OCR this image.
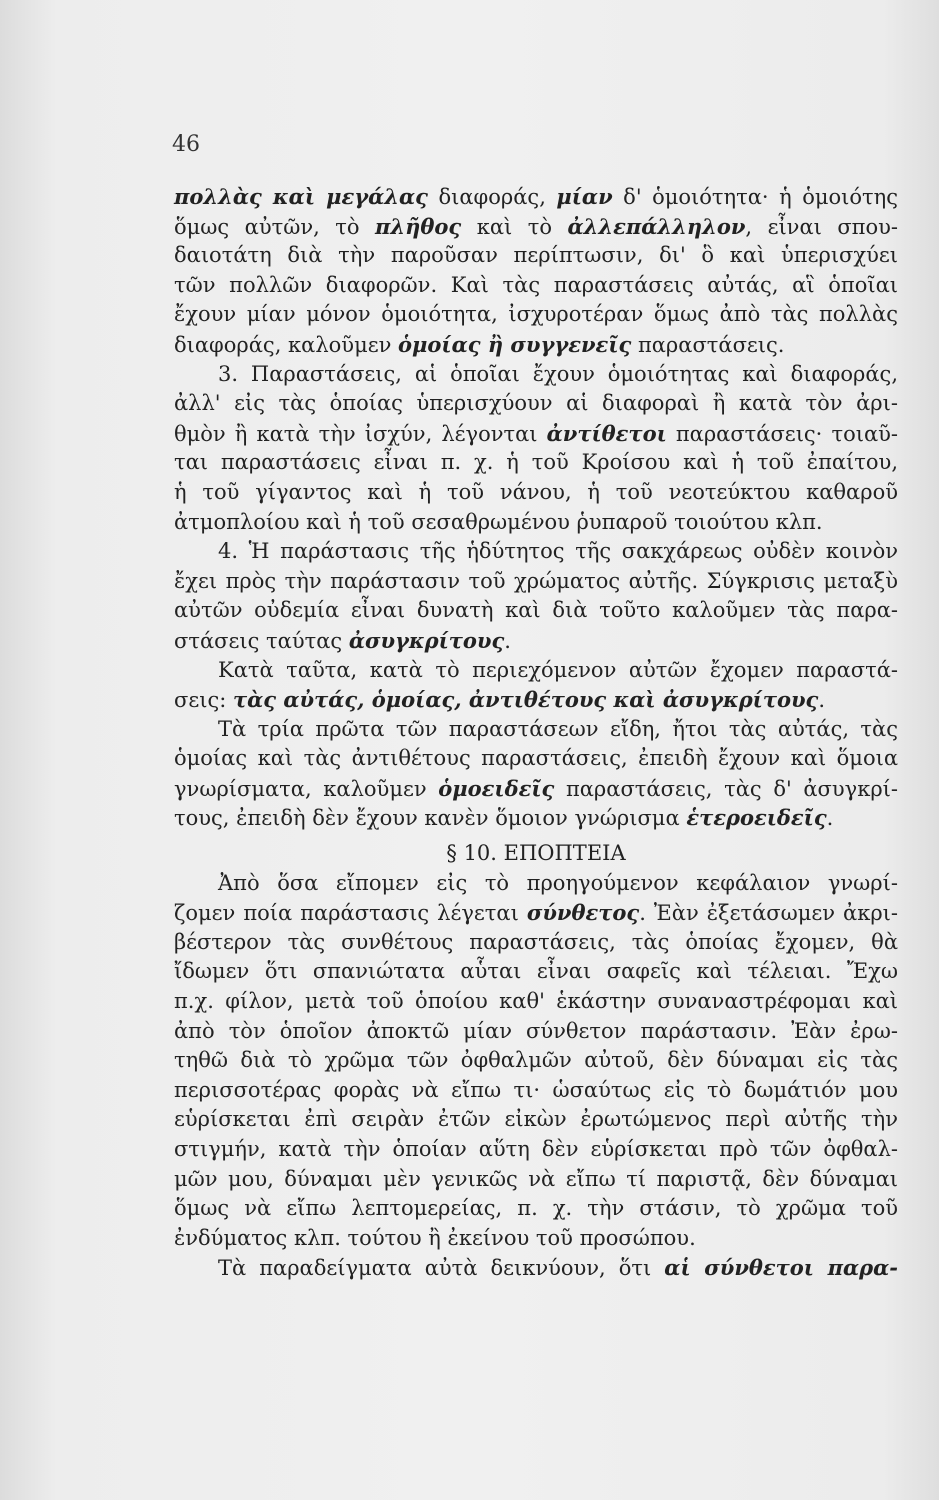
46
πολλὰς καὶ μεγάλας διαφοράς, μίαν δ' ὁμοιότητα· ἡ ὁμοιότης
ὅμως αὐτῶν, τὸ πλῆθος καὶ τὸ ἀλλεπάλληλον, εἶναι σπου-
δαιοτάτη διὰ τὴν παροῦσαν περίπτωσιν, δι' ὃ καὶ ὑπερισχύει
τῶν πολλῶν διαφορῶν. Καὶ τὰς παραστάσεις αὐτάς, αἳ ὁποῖαι
ἔχουν μίαν μόνον ὁμοιότητα, ἰσχυροτέραν ὅμως ἀπὸ τὰς πολλὰς
διαφοράς, καλοῦμεν ὁμοίας ἢ συγγενεῖς παραστάσεις.
3. Παραστάσεις, αἱ ὁποῖαι ἔχουν ὁμοιότητας καὶ διαφοράς,
ἀλλ' εἰς τὰς ὁποίας ὑπερισχύουν αἱ διαφοραὶ ἢ κατὰ τὸν ἀρι-
θμὸν ἢ κατὰ τὴν ἰσχύν, λέγονται ἀντίθετοι παραστάσεις· τοιαῦ-
ται παραστάσεις εἶναι π. χ. ἡ τοῦ Κροίσου καὶ ἡ τοῦ ἐπαίτου,
ἡ τοῦ γίγαντος καὶ ἡ τοῦ νάνου, ἡ τοῦ νεοτεύκτου καθαροῦ
ἀτμοπλοίου καὶ ἡ τοῦ σεσαθρωμένου ῥυπαροῦ τοιούτου κλπ.
4. Ἡ παράστασις τῆς ἡδύτητος τῆς σακχάρεως οὐδὲν κοινὸν
ἔχει πρὸς τὴν παράστασιν τοῦ χρώματος αὐτῆς. Σύγκρισις μεταξὺ
αὐτῶν οὐδεμία εἶναι δυνατὴ καὶ διὰ τοῦτο καλοῦμεν τὰς παρα-
στάσεις ταύτας ἀσυγκρίτους.
Κατὰ ταῦτα, κατὰ τὸ περιεχόμενον αὐτῶν ἔχομεν παραστά-
σεις: τὰς αὐτάς, ὁμοίας, ἀντιθέτους καὶ ἀσυγκρίτους.
Τὰ τρία πρῶτα τῶν παραστάσεων εἴδη, ἤτοι τὰς αὐτάς, τὰς
ὁμοίας καὶ τὰς ἀντιθέτους παραστάσεις, ἐπειδὴ ἔχουν καὶ ὅμοια
γνωρίσματα, καλοῦμεν ὁμοειδεῖς παραστάσεις, τὰς δ' ἀσυγκρί-
τους, ἐπειδὴ δὲν ἔχουν κανὲν ὅμοιον γνώρισμα ἑτεροειδεῖς.
§ 10. ΕΠΟΠΤΕΙΑ
Ἀπὸ ὅσα εἴπομεν εἰς τὸ προηγούμενον κεφάλαιον γνωρί-
ζομεν ποία παράστασις λέγεται σύνθετος. Ἐὰν ἐξετάσωμεν ἀκρι-
βέστερον τὰς συνθέτους παραστάσεις, τὰς ὁποίας ἔχομεν, θὰ
ἴδωμεν ὅτι σπανιώτατα αὗται εἶναι σαφεῖς καὶ τέλειαι. Ἔχω
π.χ. φίλον, μετὰ τοῦ ὁποίου καθ' ἑκάστην συναναστρέφομαι καὶ
ἀπὸ τὸν ὁποῖον ἀποκτῶ μίαν σύνθετον παράστασιν. Ἐὰν ἐρω-
τηθῶ διὰ τὸ χρῶμα τῶν ὀφθαλμῶν αὐτοῦ, δὲν δύναμαι εἰς τὰς
περισσοτέρας φορὰς νὰ εἴπω τι· ὡσαύτως εἰς τὸ δωμάτιόν μου
εὑρίσκεται ἐπὶ σειρὰν ἐτῶν εἰκὼν ἐρωτώμενος περὶ αὐτῆς τὴν
στιγμήν, κατὰ τὴν ὁποίαν αὕτη δὲν εὑρίσκεται πρὸ τῶν ὀφθαλ-
μῶν μου, δύναμαι μὲν γενικῶς νὰ εἴπω τί παριστᾷ, δὲν δύναμαι
ὅμως νὰ εἴπω λεπτομερείας, π. χ. τὴν στάσιν, τὸ χρῶμα τοῦ
ἐνδύματος κλπ. τούτου ἢ ἐκείνου τοῦ προσώπου.
Τὰ παραδείγματα αὐτὰ δεικνύουν, ὅτι αἱ σύνθετοι παρα-
